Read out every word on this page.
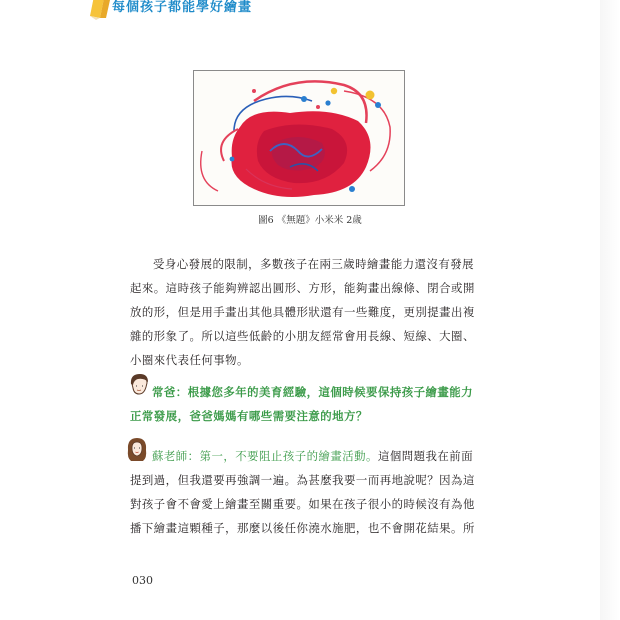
每個孩子都能學好繪畫
圖6 《無題》小米米 2歲
受身心發展的限制，多數孩子在兩三歲時繪畫能力還沒有發展
起來。這時孩子能夠辨認出圓形、方形，能夠畫出線條、閉合或開
放的形，但是用手畫出其他具體形狀還有一些難度，更別提畫出複
雜的形象了。所以這些低齡的小朋友經常會用長線、短線、大圈、
小圈來代表任何事物。
常爸：根據您多年的美育經驗，這個時候要保持孩子繪畫能力
正常發展，爸爸媽媽有哪些需要注意的地方？
蘇老師：第一，不要阻止孩子的繪畫活動。這個問題我在前面
提到過，但我還要再強調一遍。為甚麼我要一而再地說呢？因為這
對孩子會不會愛上繪畫至關重要。如果在孩子很小的時候沒有為他
播下繪畫這顆種子，那麼以後任你澆水施肥，也不會開花結果。所
030
